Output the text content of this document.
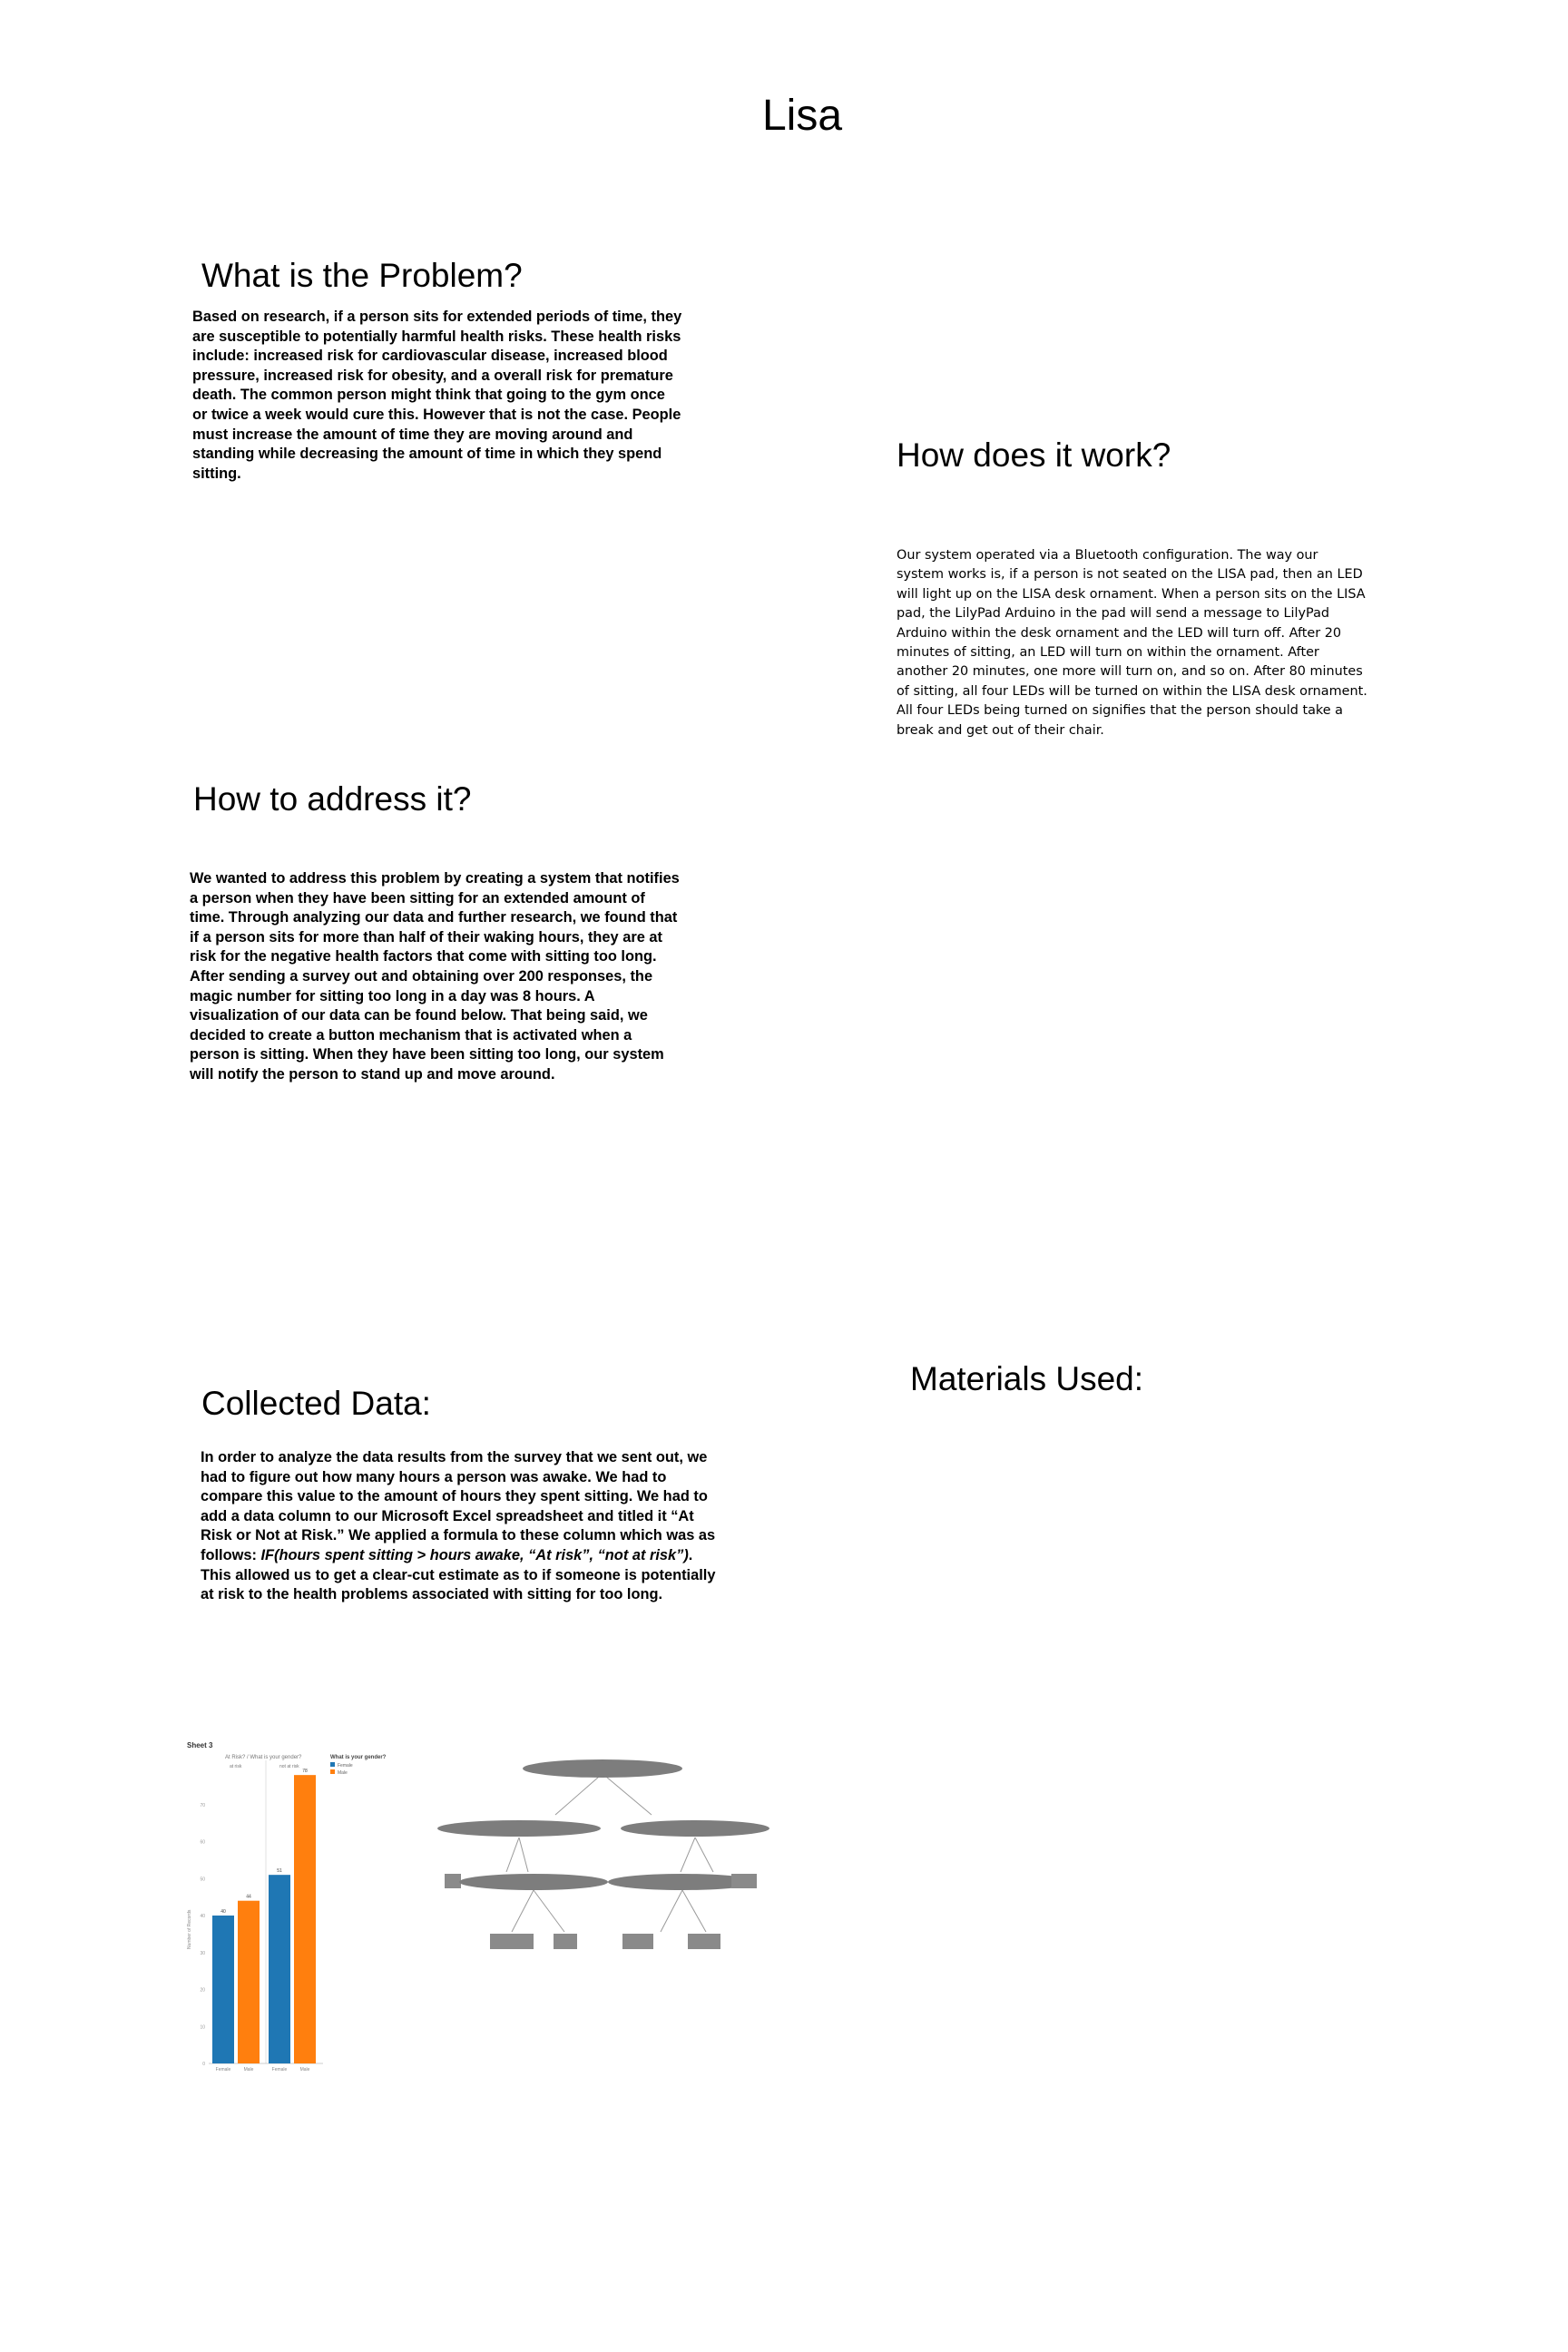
Lisa
What is the Problem?

Based on research, if a person sits for extended periods of time, they are susceptible to potentially harmful health risks. These health risks include: increased risk for cardiovascular disease, increased blood pressure, increased risk for obesity, and a overall risk for premature death. The common person might think that going to the gym once or twice a week would cure this. However that is not the case. People must increase the amount of time they are moving around and standing while decreasing the amount of time in which they spend sitting.	How does it work?

Our system operated via a Bluetooth configuration. The way our system works is, if a person is not seated on the LISA pad, then an LED will light up on the LISA desk ornament. When a person sits on the LISA pad, the LilyPad Arduino in the pad will send a message to LilyPad Arduino within the desk ornament and the LED will turn off. After 20 minutes of sitting, an LED will turn on within the ornament. After another 20 minutes, one more will turn on, and so on. After 80 minutes of sitting, all four LEDs will be turned on within the LISA desk ornament. All four LEDs being turned on signifies that the person should take a break and get out of their chair.

How to address it?

We wanted to address this problem by creating a system that notifies a person when they have been sitting for an extended amount of time. Through analyzing our data and further research, we found that if a person sits for more than half of their waking hours, they are at risk for the negative health factors that come with sitting too long. After sending a survey out and obtaining over 200 responses, the magic number for sitting too long in a day was 8 hours. A visualization of our data can be found below. That being said, we decided to create a button mechanism that is activated when a person is sitting. When they have been sitting too long, our system will notify the person to stand up and move around.

Collected Data:

In order to analyze the data results from the survey that we sent out, we had to figure out how many hours a person was awake. We had to compare this value to the amount of hours they spent sitting. We had to add a data column to our Microsoft Excel spreadsheet and titled it “At Risk or Not at Risk.” We applied a formula to these column which was as follows: IF(hours spent sitting > hours awake, “At risk”, “not at risk”). This allowed us to get a clear-cut estimate as to if someone is potentially at risk to the health problems associated with sitting for too long.

Materials Used:
Sheet 3
At Risk? / What is your gender?
at risk	not at risk
What is your gender?
Female
Male
Number of Records
0
10
20
30
40
50
60
70
40
Female
44
Male
51
Female
78
Male
